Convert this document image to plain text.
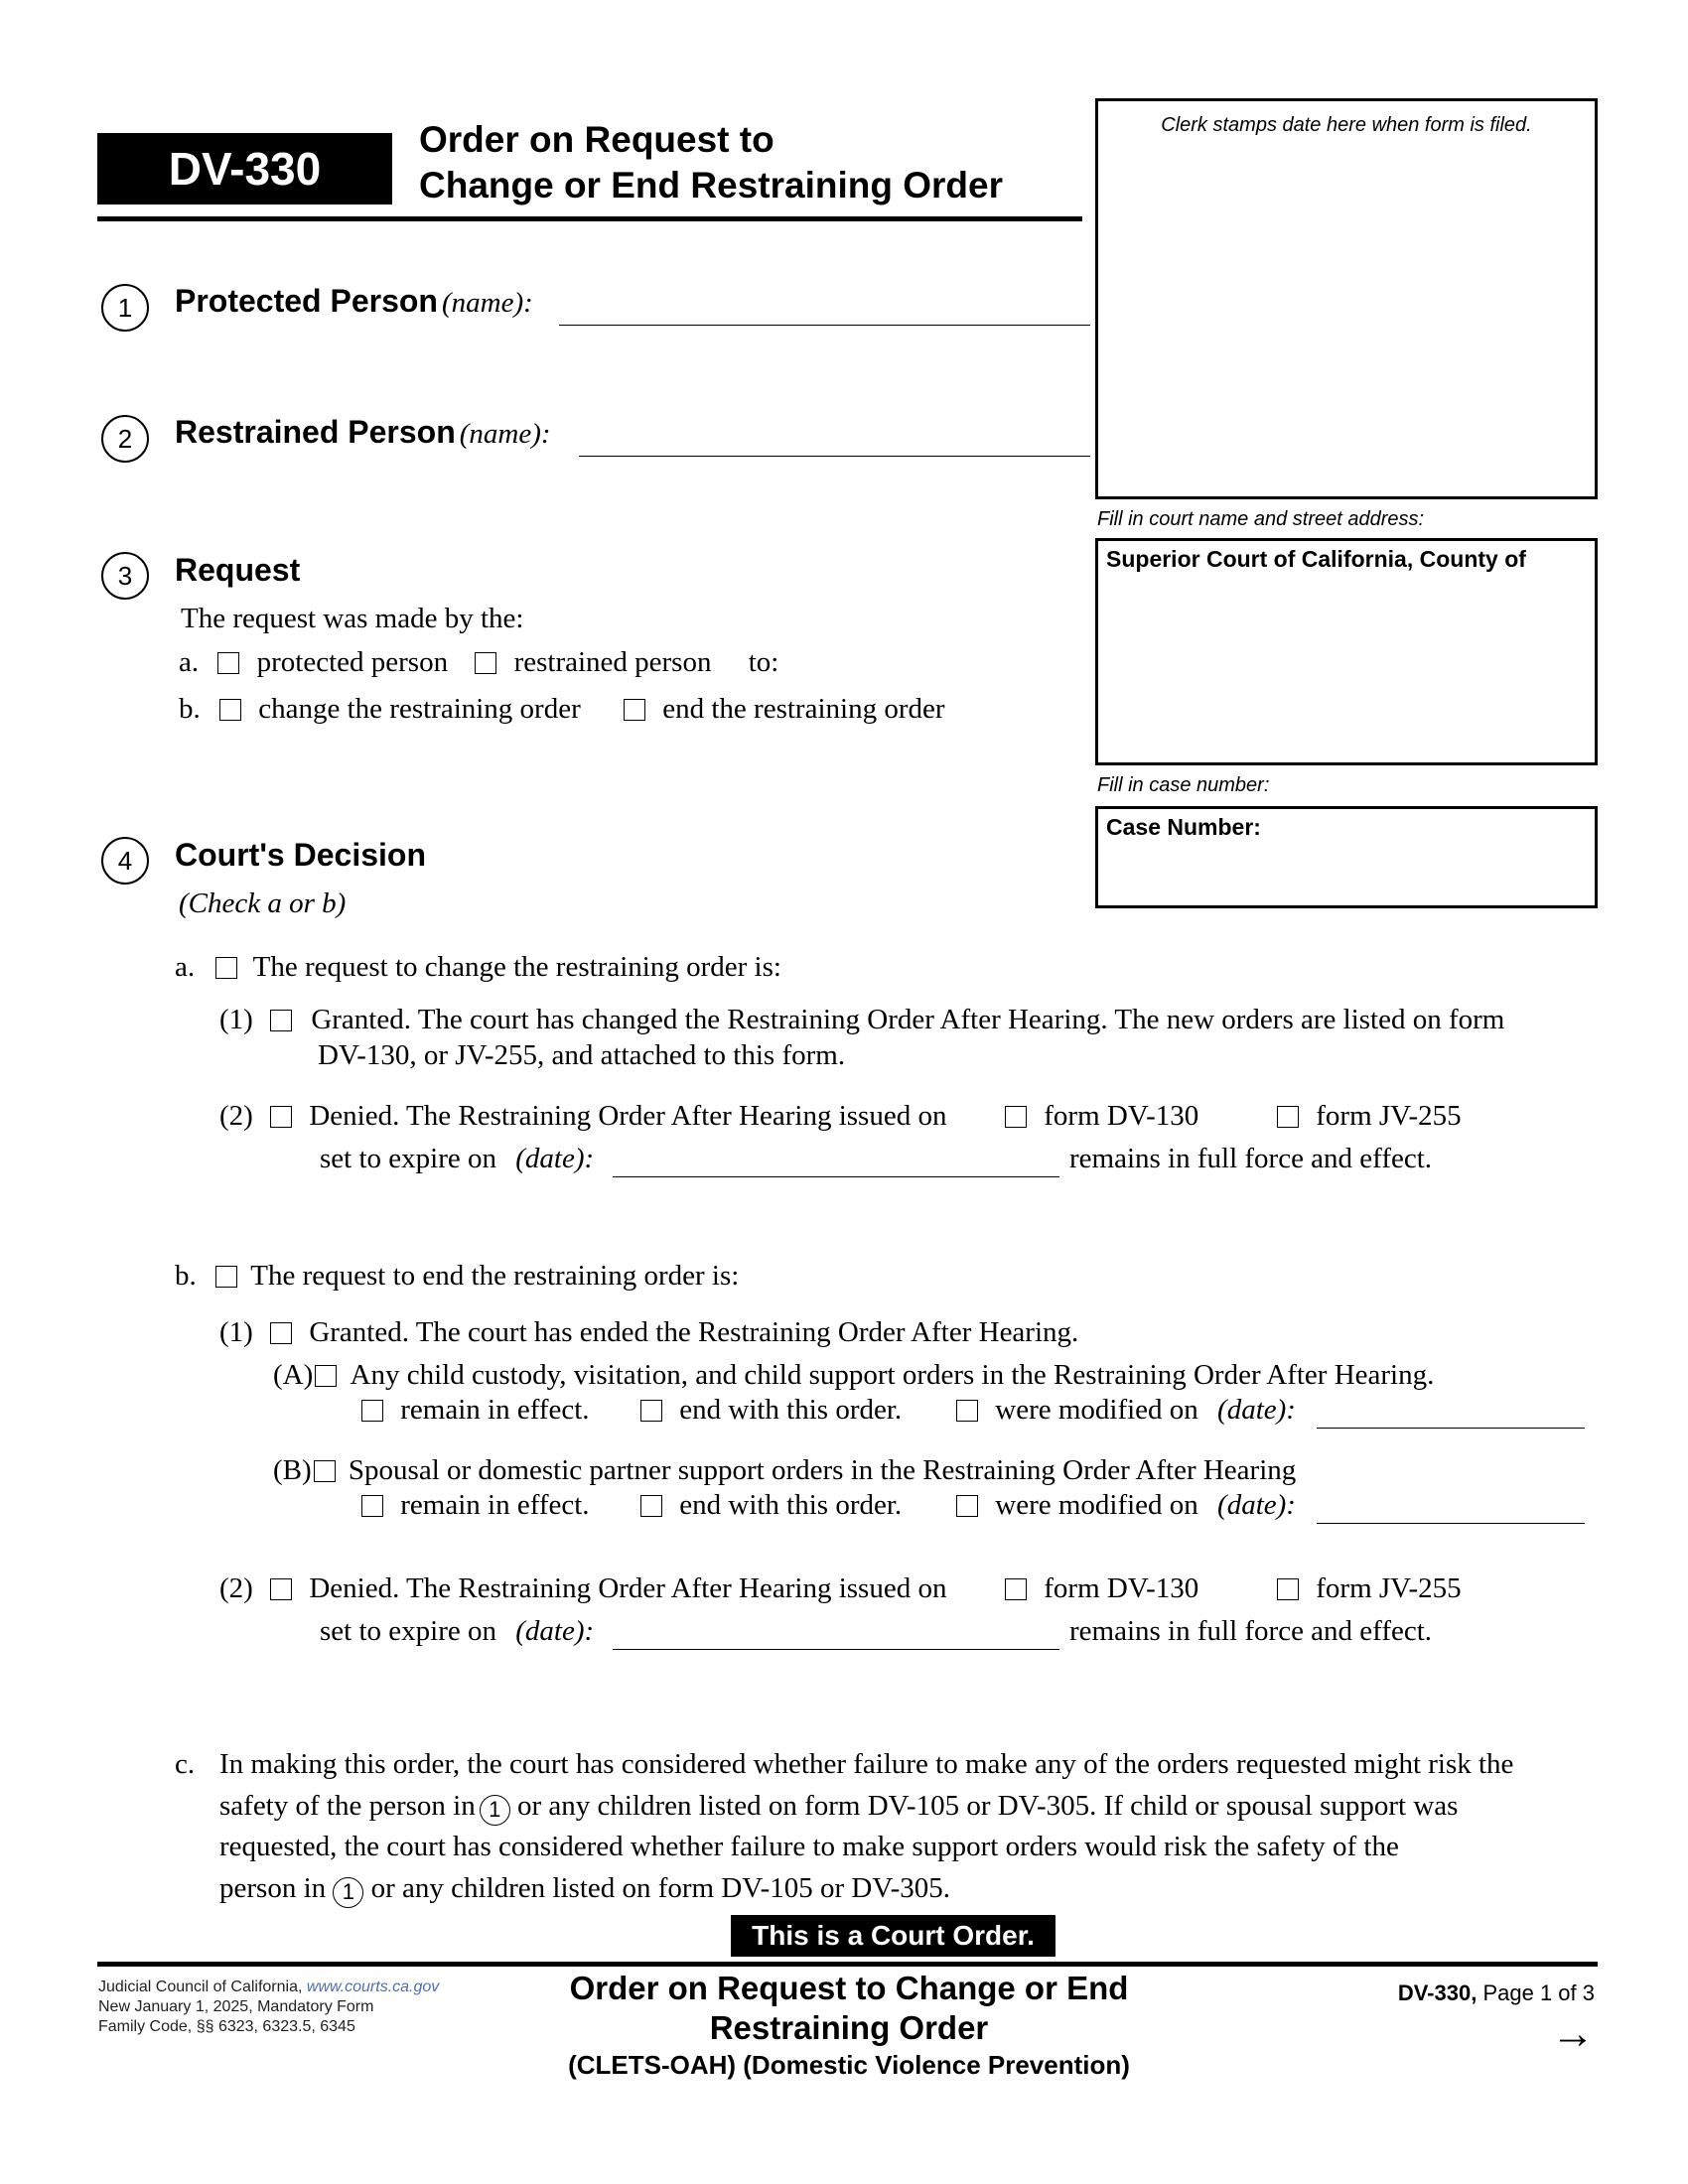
DV-330
Order on Request to
Change or End Restraining Order
Clerk stamps date here when form is filed.
Fill in court name and street address:
Superior Court of California, County of
Fill in case number:
Case Number:
1	Protected Person (name):
2	Restrained Person (name):
3	Request
The request was made by the:
a. protected person restrained person to:
b. change the restraining order	end the restraining order
4	Court's Decision
(Check a or b)
a. The request to change the restraining order is:
(1) Granted. The court has changed the Restraining Order After Hearing. The new orders are listed on form
DV-130, or JV-255, and attached to this form.
(2) Denied. The Restraining Order After Hearing issued on	form DV-130	form JV-255
set to expire on (date):	remains in full force and effect.
b. The request to end the restraining order is:
(1) Granted. The court has ended the Restraining Order After Hearing.
(A) Any child custody, visitation, and child support orders in the Restraining Order After Hearing.
remain in effect.	end with this order.	were modified on (date):
(B) Spousal or domestic partner support orders in the Restraining Order After Hearing
remain in effect.	end with this order.	were modified on (date):
(2) Denied. The Restraining Order After Hearing issued on	form DV-130	form JV-255
set to expire on (date):	remains in full force and effect.
c. In making this order, the court has considered whether failure to make any of the orders requested might risk the
safety of the person in 1 or any children listed on form DV-105 or DV-305. If child or spousal support was
requested, the court has considered whether failure to make support orders would risk the safety of the
person in 1 or any children listed on form DV-105 or DV-305.
This is a Court Order.
Judicial Council of California, www.courts.ca.gov
New January 1, 2025, Mandatory Form
Family Code, §§ 6323, 6323.5, 6345
Order on Request to Change or End
Restraining Order
(CLETS-OAH) (Domestic Violence Prevention)
DV-330, Page 1 of 3
→
